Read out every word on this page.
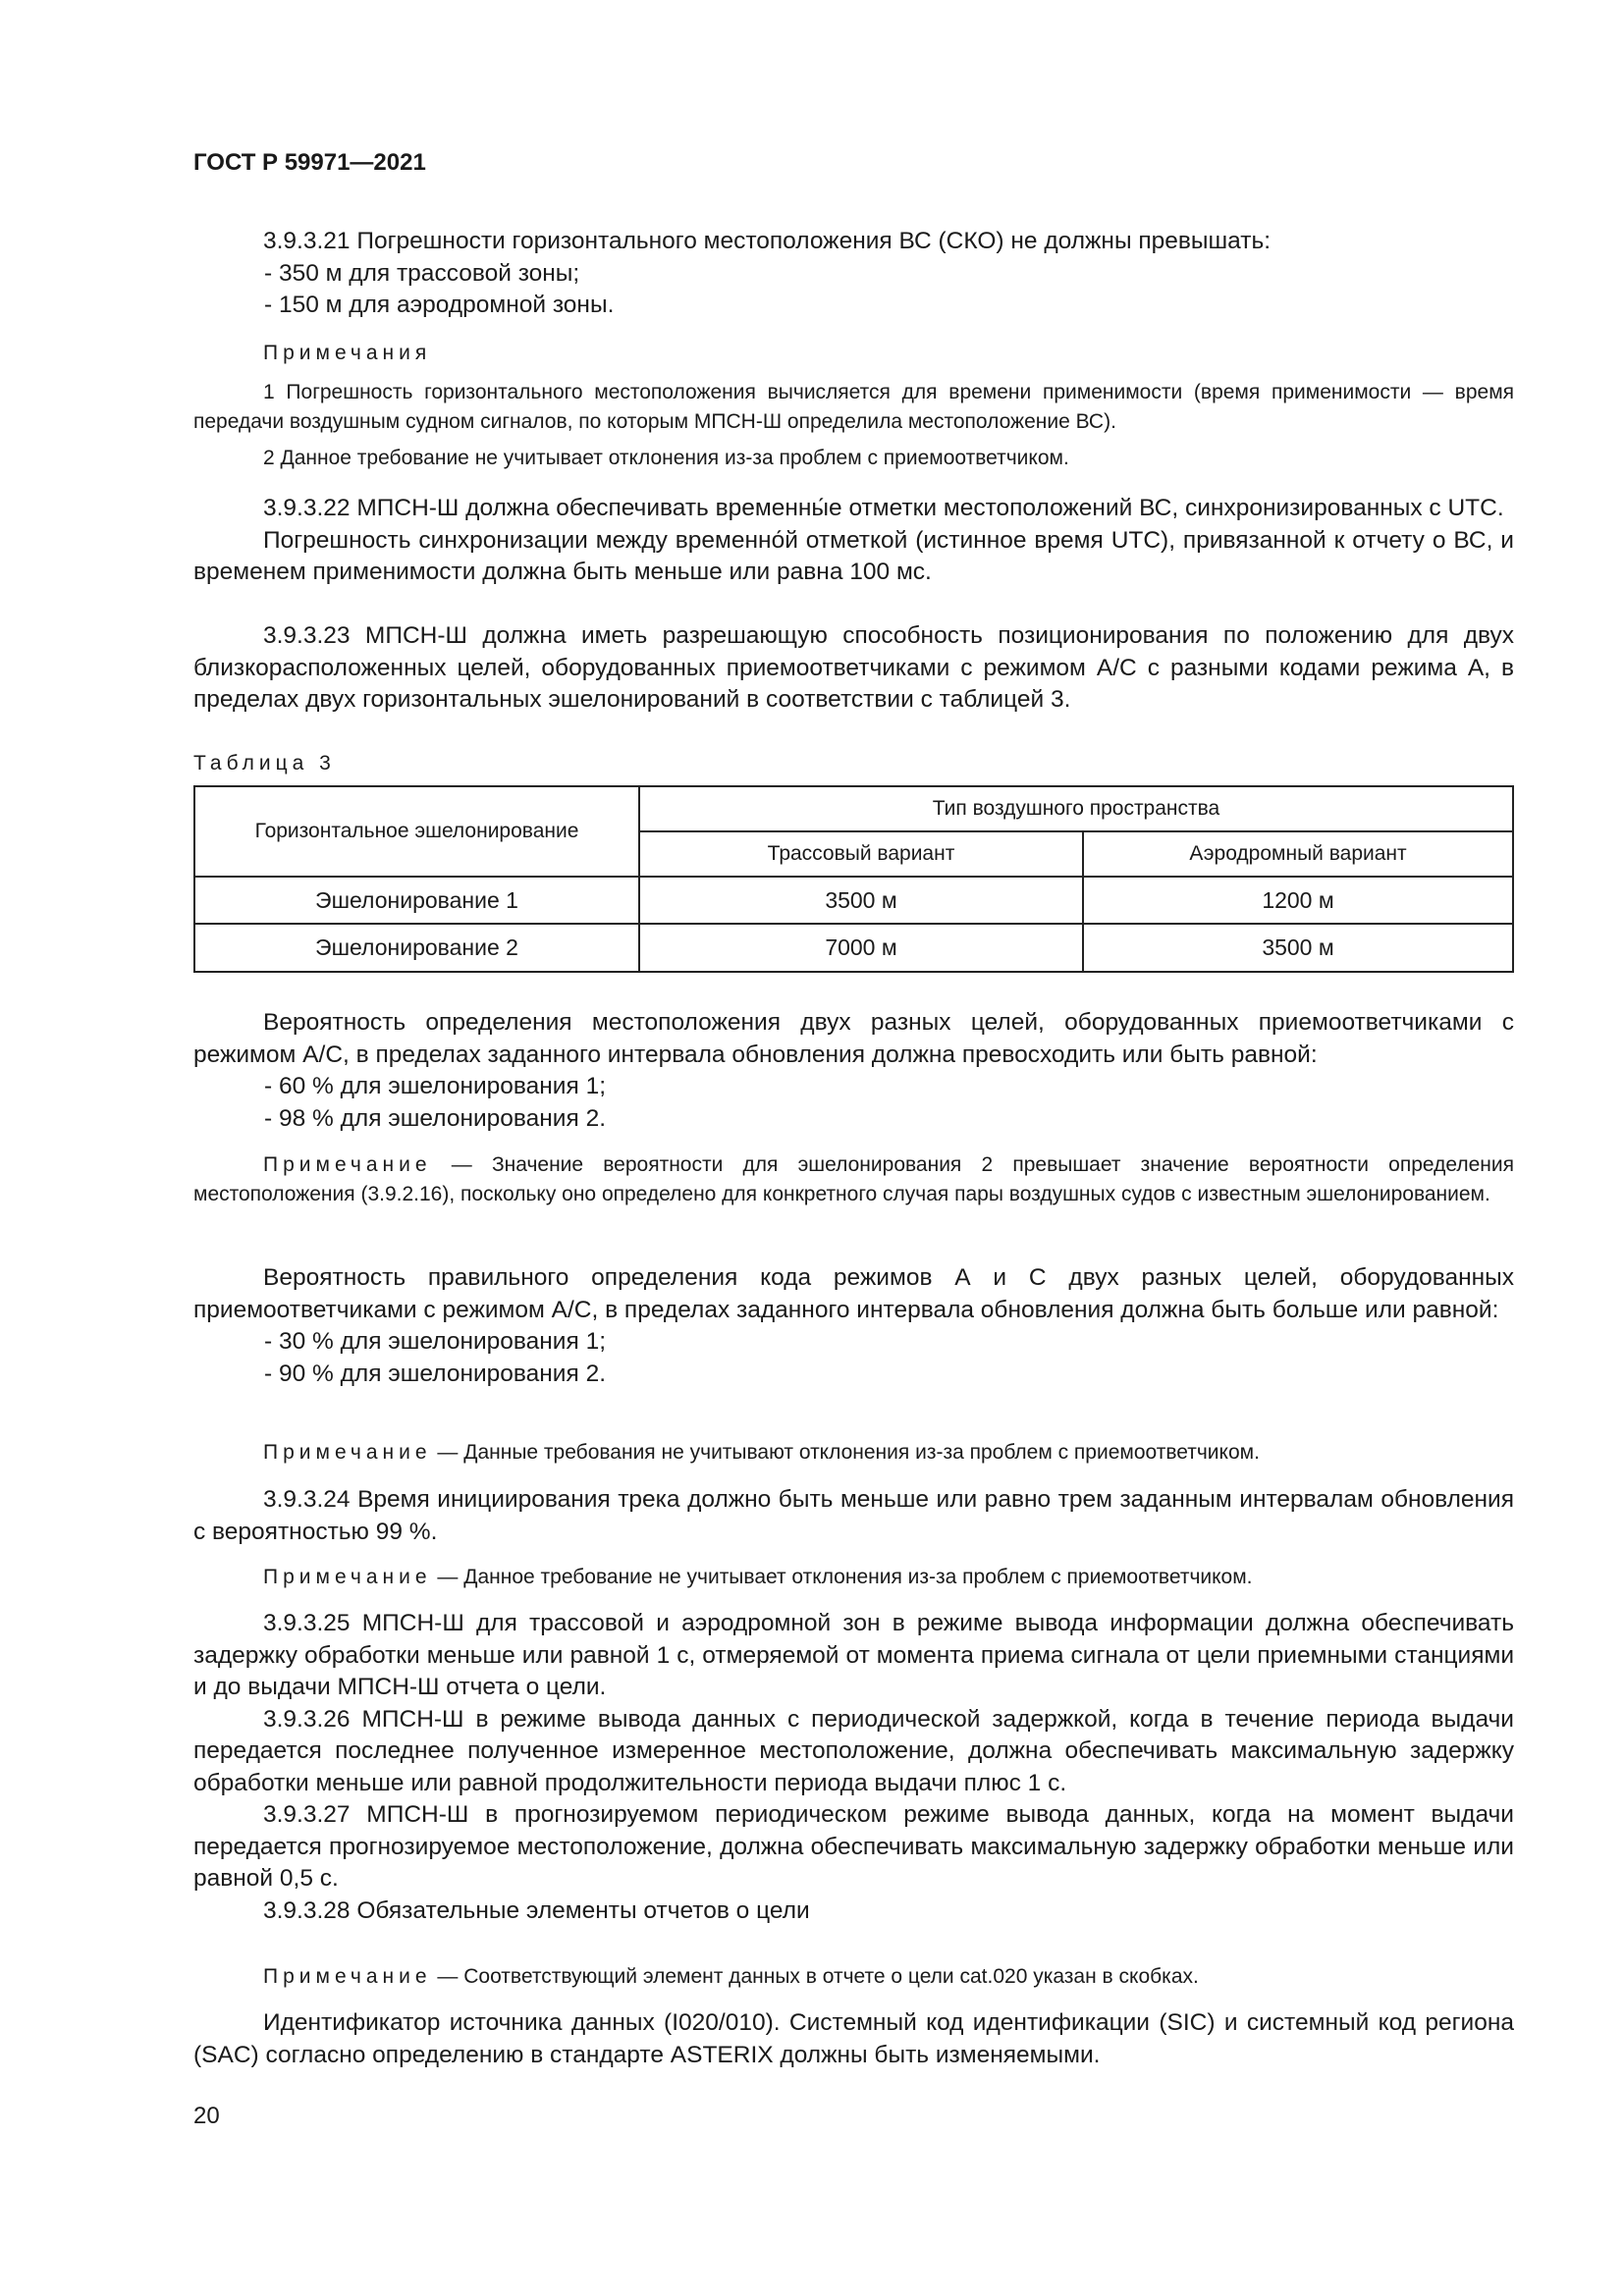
ГОСТ Р 59971—2021

3.9.3.21 Погрешности горизонтального местоположения ВС (СКО) не должны превышать:

- 350 м для трассовой зоны;

- 150 м для аэродромной зоны.

Примечания

1 Погрешность горизонтального местоположения вычисляется для времени применимости (время применимости — время передачи воздушным судном сигналов, по которым МПСН-Ш определила местоположение ВС).

2 Данное требование не учитывает отклонения из-за проблем с приемоответчиком.

3.9.3.22 МПСН-Ш должна обеспечивать временны́е отметки местоположений ВС, синхронизированных с UTC.

Погрешность синхронизации между временно́й отметкой (истинное время UTC), привязанной к отчету о ВС, и временем применимости должна быть меньше или равна 100 мс.

3.9.3.23 МПСН-Ш должна иметь разрешающую способность позиционирования по положению для двух близкорасположенных целей, оборудованных приемоответчиками с режимом А/С с разными кодами режима А, в пределах двух горизонтальных эшелонирований в соответствии с таблицей 3.

Таблица 3

Горизонтальное эшелонирование	Тип воздушного пространства	
	Трассовый вариант	Аэродромный вариант
Эшелонирование 1	3500 м	1200 м
Эшелонирование 2	7000 м	3500 м

Вероятность определения местоположения двух разных целей, оборудованных приемоответчиками с режимом А/С, в пределах заданного интервала обновления должна превосходить или быть равной:

- 60 % для эшелонирования 1;

- 98 % для эшелонирования 2.

Примечание — Значение вероятности для эшелонирования 2 превышает значение вероятности определения местоположения (3.9.2.16), поскольку оно определено для конкретного случая пары воздушных судов с известным эшелонированием.

Вероятность правильного определения кода режимов А и С двух разных целей, оборудованных приемоответчиками с режимом А/С, в пределах заданного интервала обновления должна быть больше или равной:

- 30 % для эшелонирования 1;

- 90 % для эшелонирования 2.

Примечание — Данные требования не учитывают отклонения из-за проблем с приемоответчиком.

3.9.3.24 Время инициирования трека должно быть меньше или равно трем заданным интервалам обновления с вероятностью 99 %.

Примечание — Данное требование не учитывает отклонения из-за проблем с приемоответчиком.

3.9.3.25 МПСН-Ш для трассовой и аэродромной зон в режиме вывода информации должна обеспечивать задержку обработки меньше или равной 1 с, отмеряемой от момента приема сигнала от цели приемными станциями и до выдачи МПСН-Ш отчета о цели.

3.9.3.26 МПСН-Ш в режиме вывода данных с периодической задержкой, когда в течение периода выдачи передается последнее полученное измеренное местоположение, должна обеспечивать максимальную задержку обработки меньше или равной продолжительности периода выдачи плюс 1 с.

3.9.3.27 МПСН-Ш в прогнозируемом периодическом режиме вывода данных, когда на момент выдачи передается прогнозируемое местоположение, должна обеспечивать максимальную задержку обработки меньше или равной 0,5 с.

3.9.3.28 Обязательные элементы отчетов о цели

Примечание — Соответствующий элемент данных в отчете о цели cat.020 указан в скобках.

Идентификатор источника данных (I020/010). Системный код идентификации (SIC) и системный код региона (SAC) согласно определению в стандарте ASTERIX должны быть изменяемыми.

20
